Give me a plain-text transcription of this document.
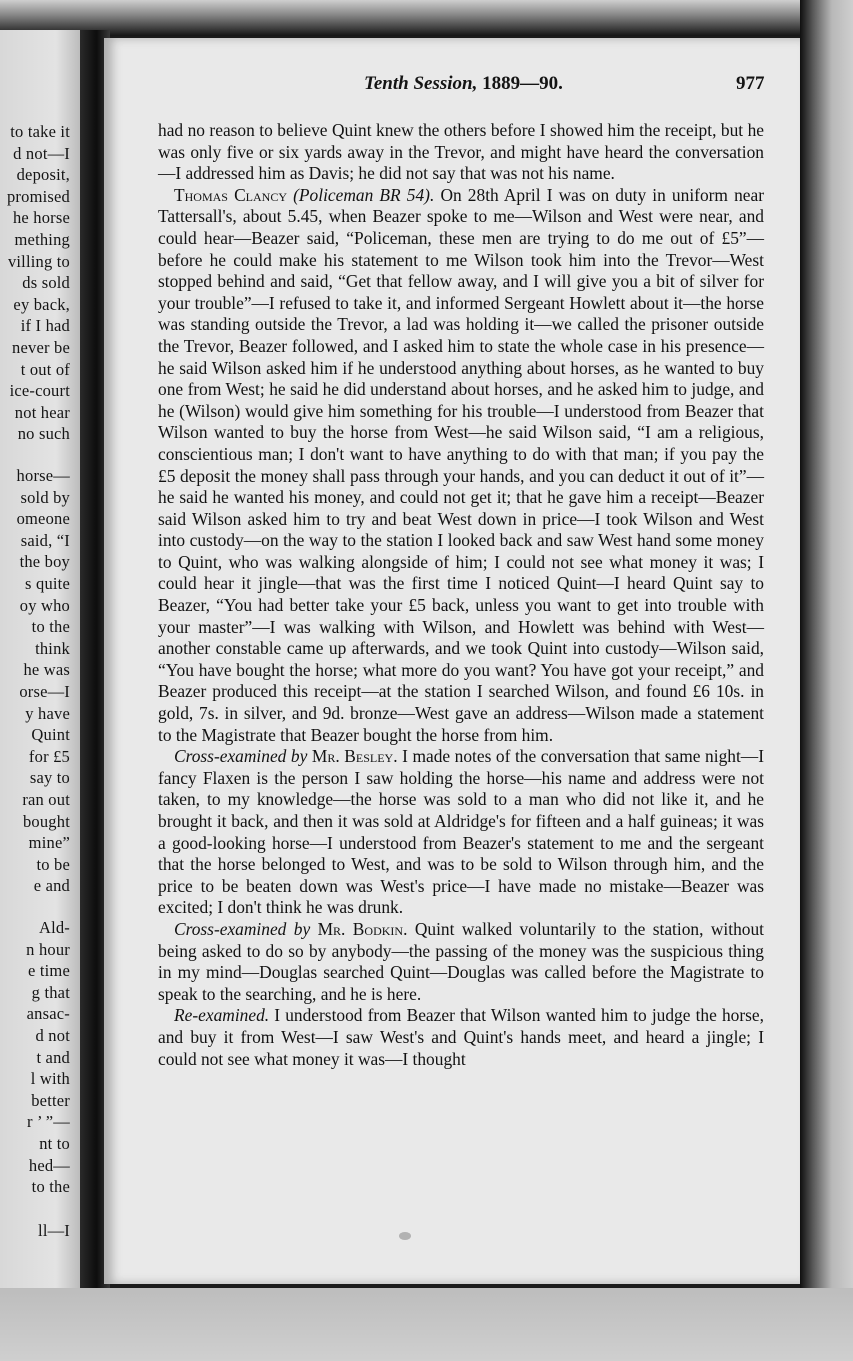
to take it
d not—I
deposit,
promised
he horse
mething
villing to
ds sold
ey back,
if I had
never be
t out of
ice-court
not hear
no such
horse—
sold by
omeone
said, “I
the boy
s quite
oy who
to the
think
he was
orse—I
y have
Quint
for £5
say to
ran out
bought
mine”
to be
e and
Ald-
n hour
e time
g that
ansac-
d not
t and
l with
better
r ’ ”—
nt to
hed—
to the
ll—I
Tenth Session, 1889—90.	977

had no reason to believe Quint knew the others before I showed him the receipt, but he was only five or six yards away in the Trevor, and might have heard the conversation—I addressed him as Davis; he did not say that was not his name.

Thomas Clancy (Policeman BR 54). On 28th April I was on duty in uniform near Tattersall's, about 5.45, when Beazer spoke to me—Wilson and West were near, and could hear—Beazer said, “Policeman, these men are trying to do me out of £5”—before he could make his statement to me Wilson took him into the Trevor—West stopped behind and said, “Get that fellow away, and I will give you a bit of silver for your trouble”—I refused to take it, and informed Sergeant Howlett about it—the horse was standing outside the Trevor, a lad was holding it—we called the prisoner outside the Trevor, Beazer followed, and I asked him to state the whole case in his presence—he said Wilson asked him if he understood anything about horses, as he wanted to buy one from West; he said he did understand about horses, and he asked him to judge, and he (Wilson) would give him something for his trouble—I understood from Beazer that Wilson wanted to buy the horse from West—he said Wilson said, “I am a religious, conscientious man; I don't want to have anything to do with that man; if you pay the £5 deposit the money shall pass through your hands, and you can deduct it out of it”—he said he wanted his money, and could not get it; that he gave him a receipt—Beazer said Wilson asked him to try and beat West down in price—I took Wilson and West into custody—on the way to the station I looked back and saw West hand some money to Quint, who was walking alongside of him; I could not see what money it was; I could hear it jingle—that was the first time I noticed Quint—I heard Quint say to Beazer, “You had better take your £5 back, unless you want to get into trouble with your master”—I was walking with Wilson, and Howlett was behind with West—another constable came up afterwards, and we took Quint into custody—Wilson said, “You have bought the horse; what more do you want? You have got your receipt,” and Beazer produced this receipt—at the station I searched Wilson, and found £6 10s. in gold, 7s. in silver, and 9d. bronze—West gave an address—Wilson made a statement to the Magistrate that Beazer bought the horse from him.

Cross-examined by Mr. Besley. I made notes of the conversation that same night—I fancy Flaxen is the person I saw holding the horse—his name and address were not taken, to my knowledge—the horse was sold to a man who did not like it, and he brought it back, and then it was sold at Aldridge's for fifteen and a half guineas; it was a good-looking horse—I understood from Beazer's statement to me and the sergeant that the horse belonged to West, and was to be sold to Wilson through him, and the price to be beaten down was West's price—I have made no mistake—Beazer was excited; I don't think he was drunk.

Cross-examined by Mr. Bodkin. Quint walked voluntarily to the station, without being asked to do so by anybody—the passing of the money was the suspicious thing in my mind—Douglas searched Quint—Douglas was called before the Magistrate to speak to the searching, and he is here.

Re-examined. I understood from Beazer that Wilson wanted him to judge the horse, and buy it from West—I saw West's and Quint's hands meet, and heard a jingle; I could not see what money it was—I thought
